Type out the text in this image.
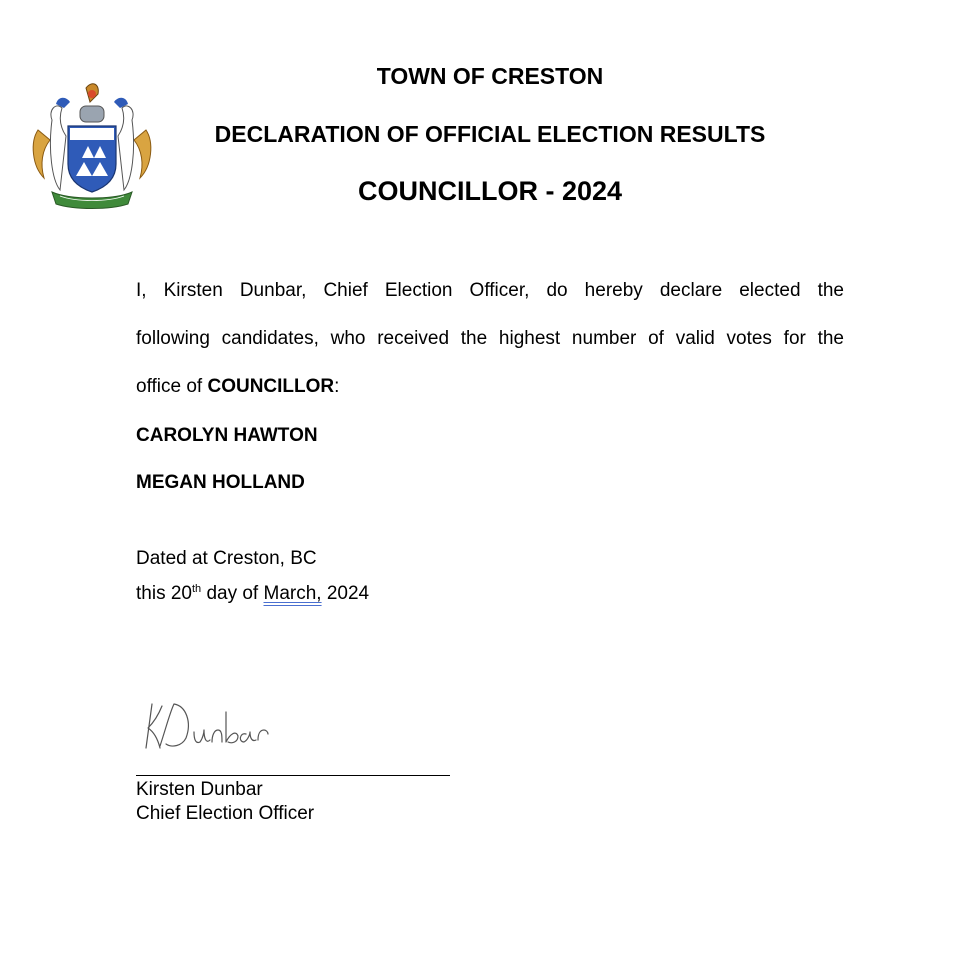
TOWN OF CRESTON
DECLARATION OF OFFICIAL ELECTION RESULTS
COUNCILLOR - 2024
I, Kirsten Dunbar, Chief Election Officer, do hereby declare elected the
following candidates, who received the highest number of valid votes for the
office of COUNCILLOR:
CAROLYN HAWTON
MEGAN HOLLAND
Dated at Creston, BC
this 20th day of March, 2024
Kirsten Dunbar
Chief Election Officer
